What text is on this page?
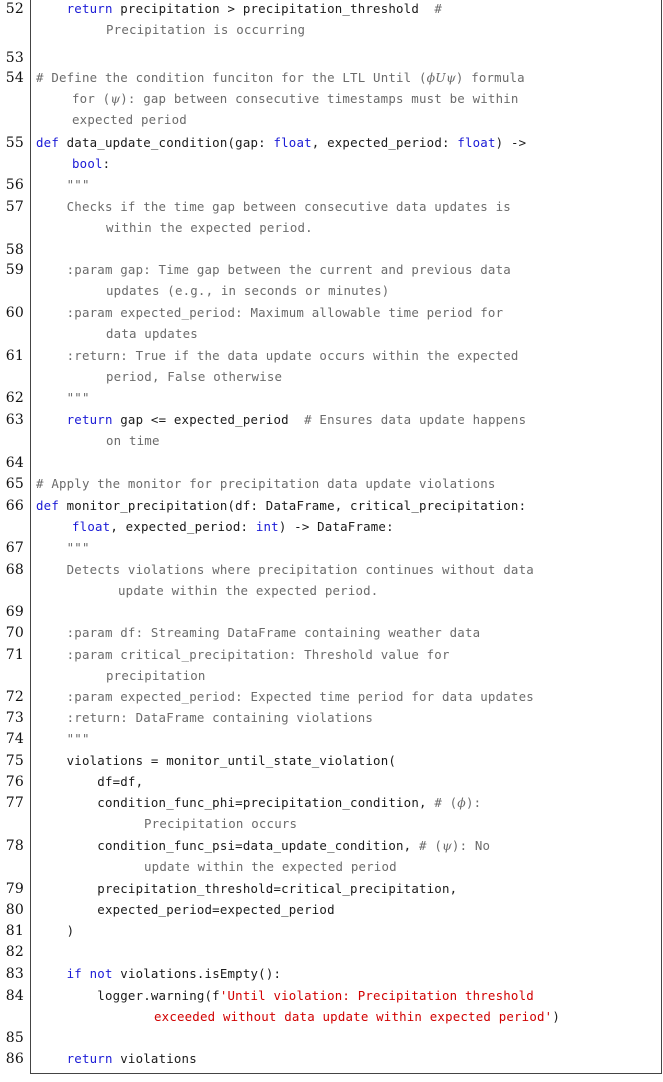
52	return precipitation > precipitation_threshold  #
Precipitation is occurring
53
54 # Define the condition funciton for the LTL Until (ϕUψ) formula
for (ψ): gap between consecutive timestamps must be within
expected period
55 def data_update_condition(gap: float, expected_period: float) ->
bool:
56 """
57 Checks if the time gap between consecutive data updates is
within the expected period.
58
59 :param gap: Time gap between the current and previous data
updates (e.g., in seconds or minutes)
60 :param expected_period: Maximum allowable time period for
data updates
61 :return: True if the data update occurs within the expected
period, False otherwise
62 """
63	return gap <= expected_period  # Ensures data update happens
on time
64
65 # Apply the monitor for precipitation data update violations
66 def monitor_precipitation(df: DataFrame, critical_precipitation:
float, expected_period: int) -> DataFrame:
67 """
68 Detects violations where precipitation continues without data
update within the expected period.
69
70 :param df: Streaming DataFrame containing weather data
71 :param critical_precipitation: Threshold value for
precipitation
72 :param expected_period: Expected time period for data updates
73 :return: DataFrame containing violations
74 """
75 violations = monitor_until_state_violation(
76 df=df,
77 condition_func_phi=precipitation_condition, # (ϕ):
Precipitation occurs
78 condition_func_psi=data_update_condition, # (ψ): No
update within the expected period
79 precipitation_threshold=critical_precipitation,
80 expected_period=expected_period
81 )
82
83	if not violations.isEmpty():
84 logger.warning(f'Until violation: Precipitation threshold
exceeded without data update within expected period')
85
86	return violations
